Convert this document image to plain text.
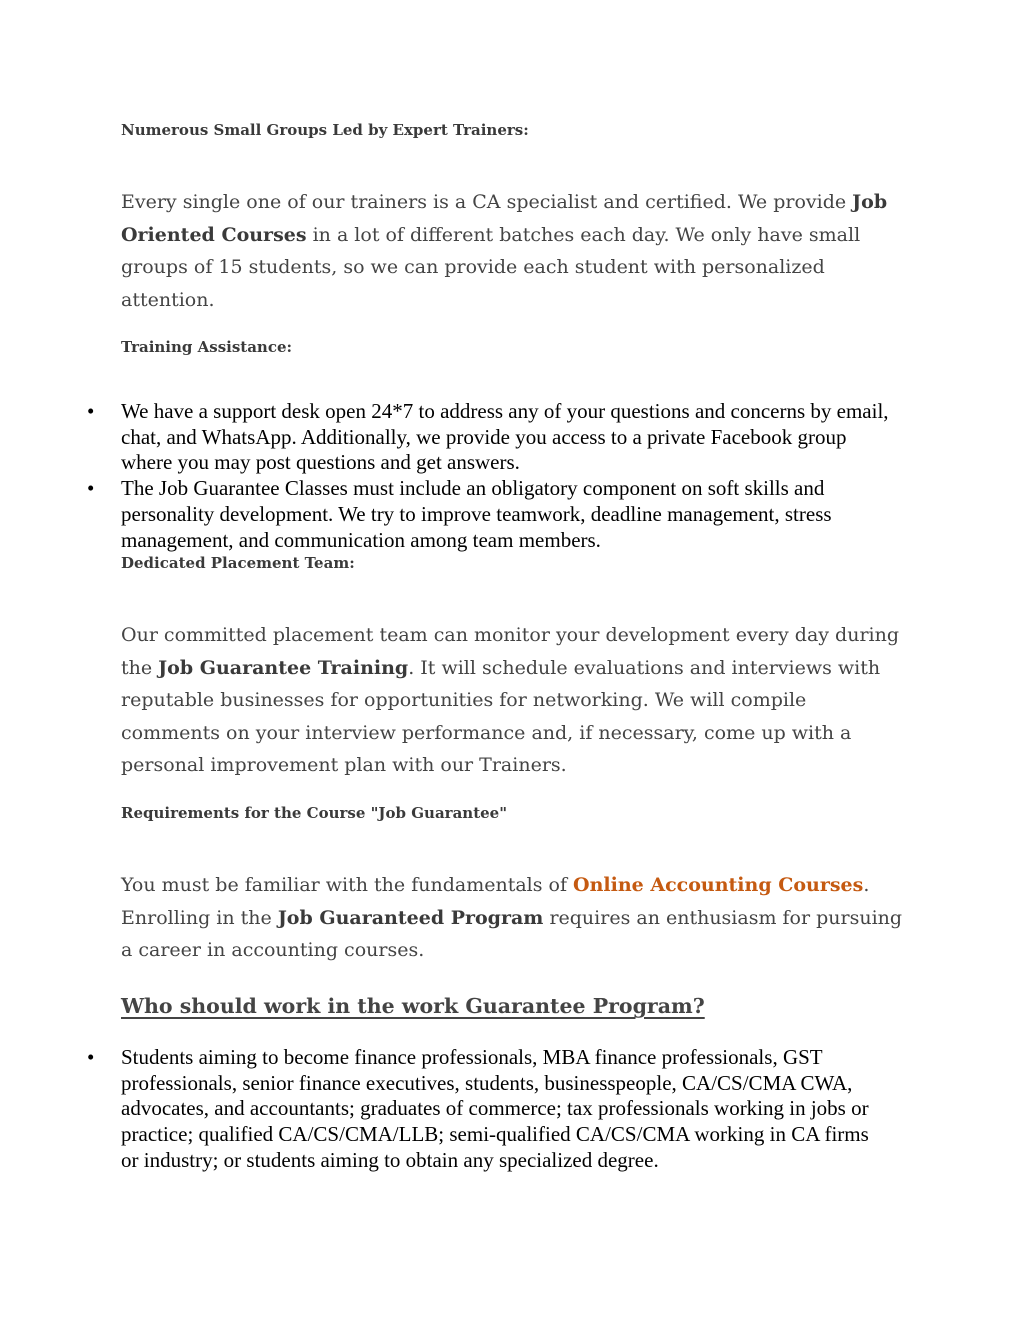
Numerous Small Groups Led by Expert Trainers:

Every single one of our trainers is a CA specialist and certified. We provide Job Oriented Courses in a lot of different batches each day. We only have small groups of 15 students, so we can provide each student with personalized attention.

Training Assistance:
• We have a support desk open 24*7 to address any of your questions and concerns by email, chat, and WhatsApp. Additionally, we provide you access to a private Facebook group where you may post questions and get answers.
• The Job Guarantee Classes must include an obligatory component on soft skills and personality development. We try to improve teamwork, deadline management, stress management, and communication among team members.
Dedicated Placement Team:

Our committed placement team can monitor your development every day during the Job Guarantee Training. It will schedule evaluations and interviews with reputable businesses for opportunities for networking. We will compile comments on your interview performance and, if necessary, come up with a personal improvement plan with our Trainers.

Requirements for the Course "Job Guarantee"

You must be familiar with the fundamentals of Online Accounting Courses. Enrolling in the Job Guaranteed Program requires an enthusiasm for pursuing a career in accounting courses.

Who should work in the work Guarantee Program?
• Students aiming to become finance professionals, MBA finance professionals, GST professionals, senior finance executives, students, businesspeople, CA/CS/CMA CWA, advocates, and accountants; graduates of commerce; tax professionals working in jobs or practice; qualified CA/CS/CMA/LLB; semi-qualified CA/CS/CMA working in CA firms or industry; or students aiming to obtain any specialized degree.
